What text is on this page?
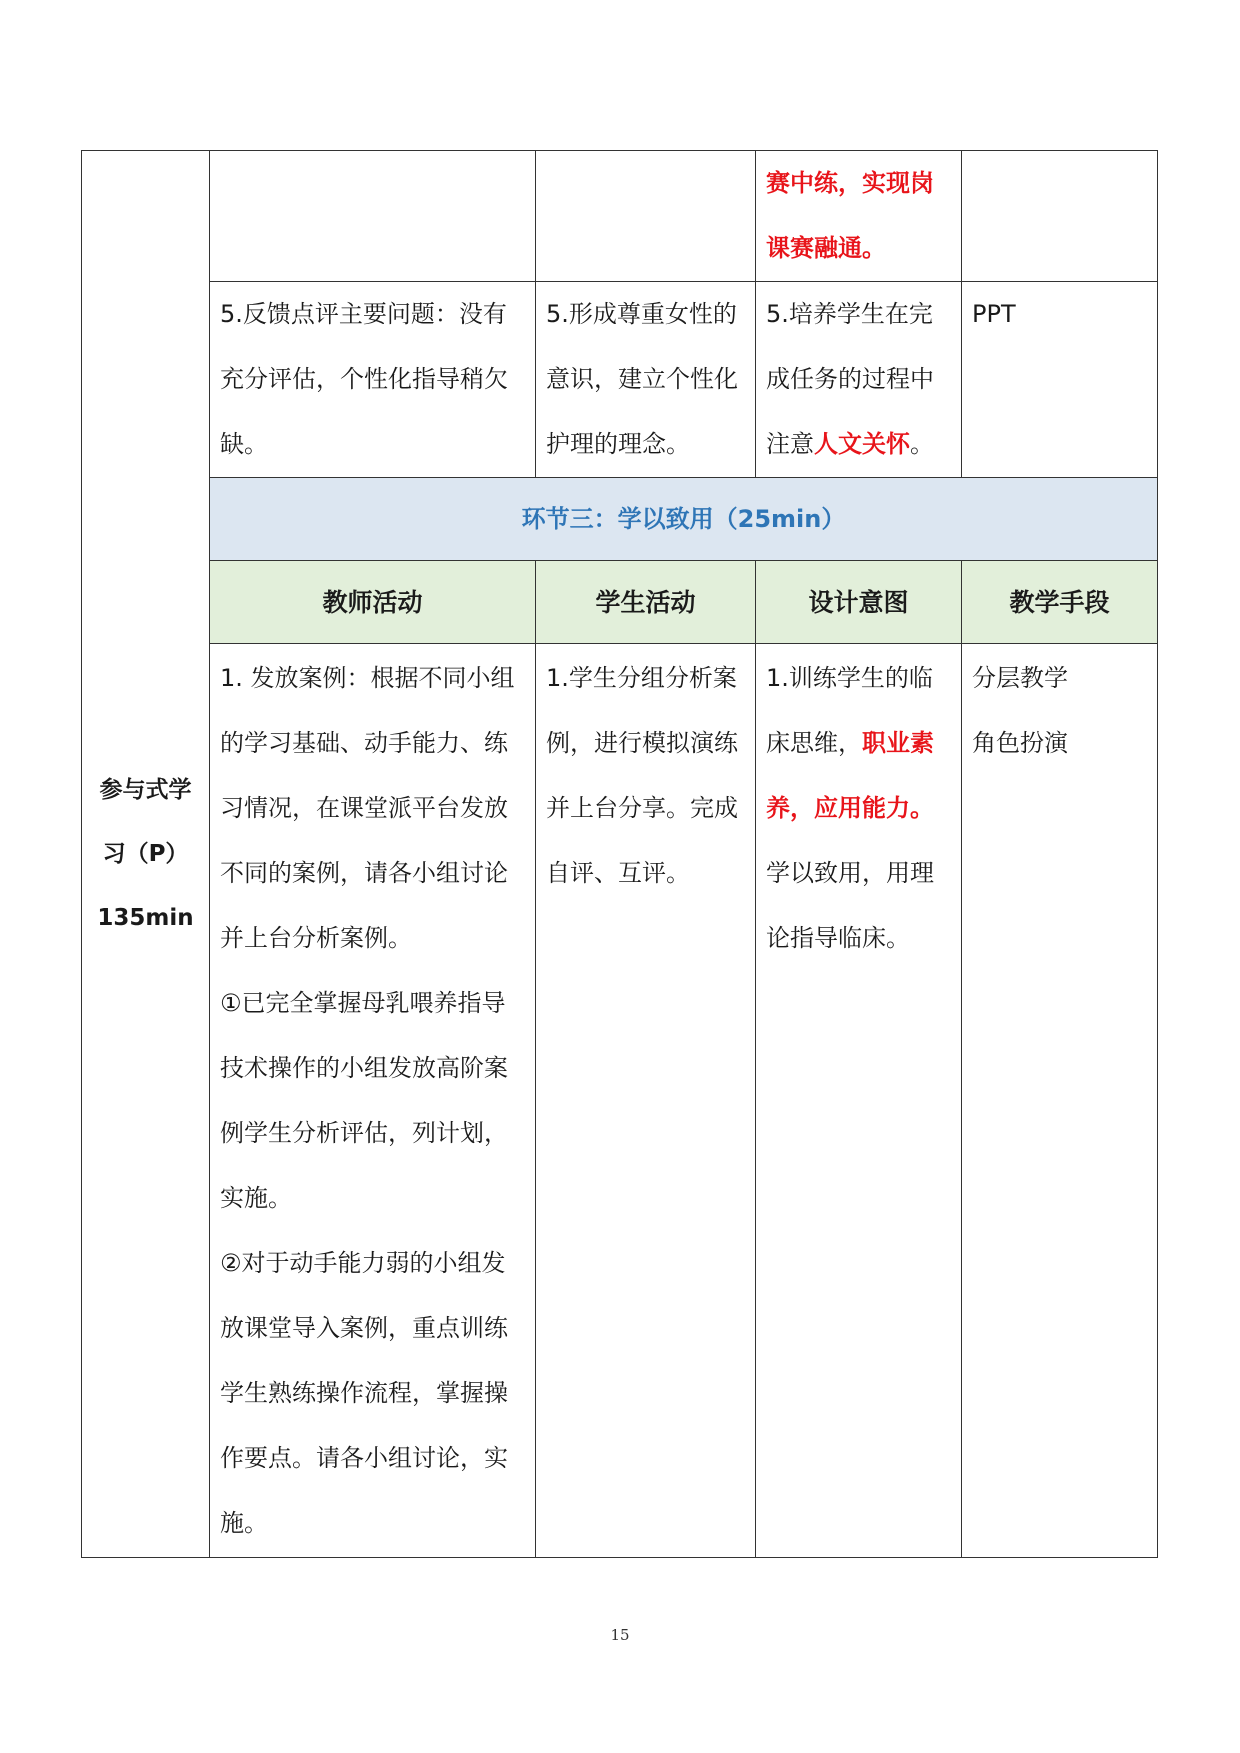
参与式学
习（P）
135min			赛中练，实现岗
课赛融通。	

	5.反馈点评主要问题：没有充分评估，个性化指导稍欠缺。	5.形成尊重女性的意识，建立个性化护理的理念。	5.培养学生在完成任务的过程中注意人文关怀。	PPT
	环节三：学以致用（25min）			
	教师活动	学生活动	设计意图	教学手段

	1. 发放案例：根据不同小组的学习基础、动手能力、练习情况，在课堂派平台发放不同的案例，请各小组讨论并上台分析案例。
①已完全掌握母乳喂养指导技术操作的小组发放高阶案例学生分析评估，列计划，实施。
②对于动手能力弱的小组发放课堂导入案例，重点训练学生熟练操作流程，掌握操作要点。请各小组讨论，实施。	1.学生分组分析案例，进行模拟演练并上台分享。完成自评、互评。	1.训练学生的临床思维，职业素养，应用能力。学以致用，用理论指导临床。	分层教学
角色扮演
15
